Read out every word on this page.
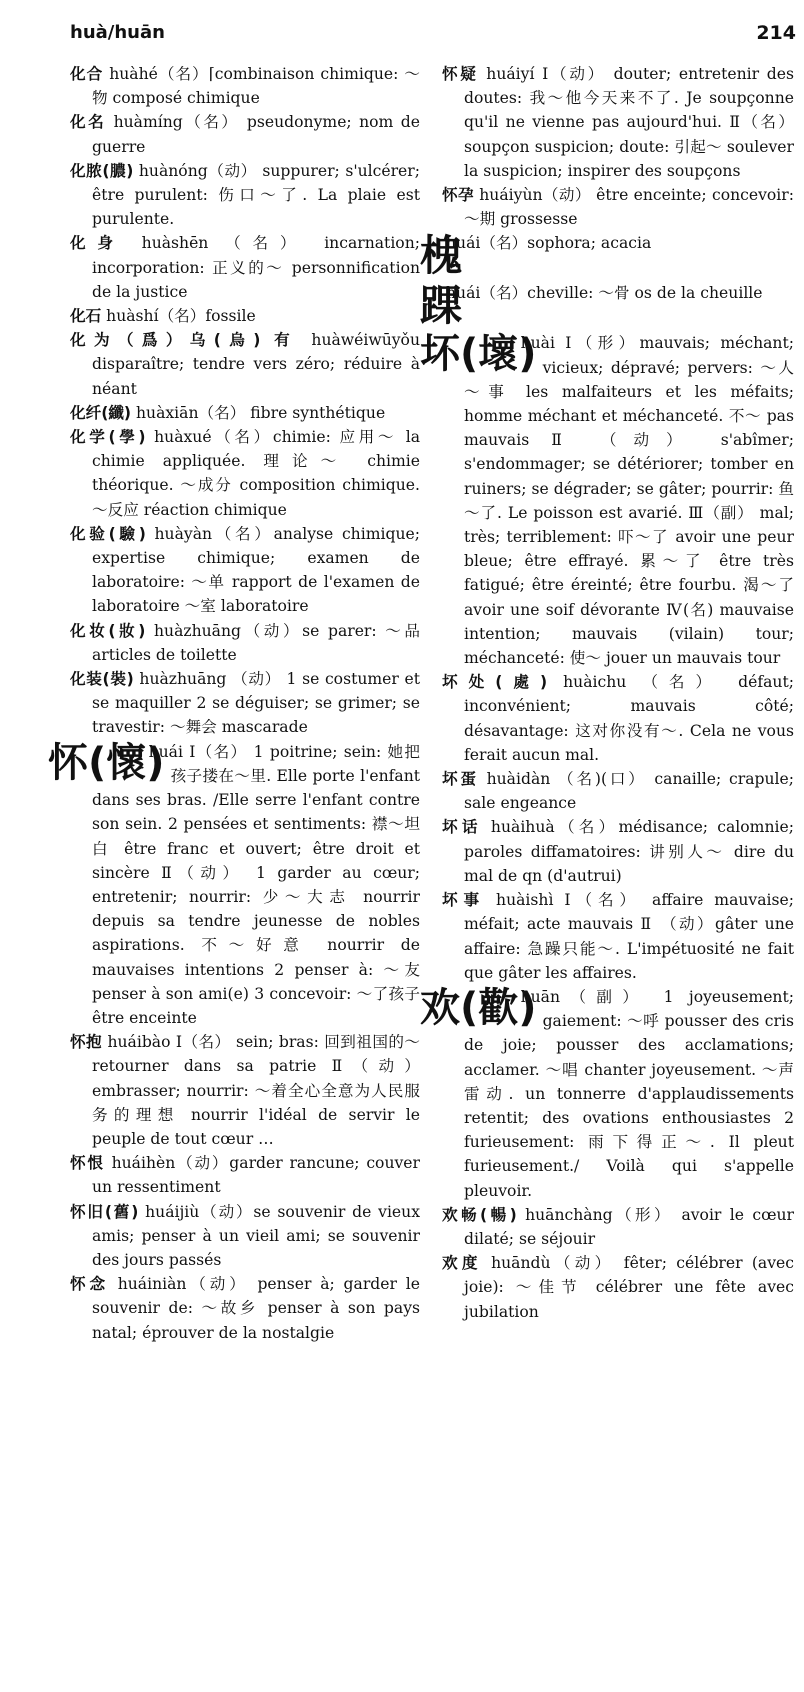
huà/huān	214
化合 huàhé（名）⌈combinaison chimique: ～物 composé chimique
化名 huàmíng（名） pseudonyme; nom de guerre
化脓(膿) huànóng（动） suppurer; s'ulcérer; être purulent: 伤口～了. La plaie est purulente.
化身 huàshēn （名） incarnation; incorporation: 正义的～ personnification de la justice
化石 huàshí（名）fossile
化为（爲）乌(烏) 有 huàwéiwūyǒu disparaître; tendre vers zéro; réduire à néant
化纤(纖) huàxiān（名） fibre synthétique
化学(學) huàxué（名）chimie: 应用～ la chimie appliquée. 理论～ chimie théorique. ～成分 composition chimique. ～反应 réaction chimique
化验(驗) huàyàn（名）analyse chimique; expertise chimique; examen de laboratoire: ～单 rapport de l'examen de laboratoire ～室 laboratoire
化妆(妝) huàzhuāng（动）se parer: ～品 articles de toilette
化装(裝) huàzhuāng （动） 1 se costumer et se maquiller 2 se déguiser; se grimer; se travestir: ～舞会 mascarade
怀(懷)
huái Ⅰ（名） 1 poitrine; sein: 她把孩子搂在～里. Elle porte l'enfant dans ses bras. /Elle serre l'enfant contre son sein. 2 pensées et sentiments: 襟～坦白 être franc et ouvert; être droit et sincère Ⅱ（动） 1 garder au cœur; entretenir; nourrir: 少～大志 nourrir depuis sa tendre jeunesse de nobles aspirations. 不～好意 nourrir de mauvaises intentions 2 penser à: ～友 penser à son ami(e) 3 concevoir: ～了孩子 être enceinte
怀抱 huáibào Ⅰ（名） sein; bras: 回到祖国的～ retourner dans sa patrie Ⅱ（动） embrasser; nourrir: ～着全心全意为人民服务的理想 nourrir l'idéal de servir le peuple de tout cœur …
怀恨 huáihèn（动）garder rancune; couver un ressentiment
怀旧(舊) huáijiù（动）se souvenir de vieux amis; penser à un vieil ami; se souvenir des jours passés
怀念 huáiniàn（动） penser à; garder le souvenir de: ～故乡 penser à son pays natal; éprouver de la nostalgie
怀疑 huáiyí Ⅰ（动） douter; entretenir des doutes: 我～他今天来不了. Je soupçonne qu'il ne vienne pas aujourd'hui. Ⅱ（名） soupçon suspicion; doute: 引起～ soulever la suspicion; inspirer des soupçons
怀孕 huáiyùn（动） être enceinte; concevoir: ～期 grossesse
槐
huái（名）sophora; acacia
踝
huái（名）cheville: ～骨 os de la cheuille
坏(壞)
huài Ⅰ（形）mauvais; méchant; vicieux; dépravé; pervers: ～人～事 les malfaiteurs et les méfaits; homme méchant et méchanceté. 不～ pas mauvais Ⅱ （动） s'abîmer; s'endommager; se détériorer; tomber en ruiners; se dégrader; se gâter; pourrir: 鱼～了. Le poisson est avarié. Ⅲ（副） mal; très; terriblement: 吓～了 avoir une peur bleue; être effrayé. 累～了 être très fatigué; être éreinté; être fourbu. 渴～了 avoir une soif dévorante Ⅳ(名) mauvaise intention; mauvais (vilain) tour; méchanceté: 使～ jouer un mauvais tour
坏处(處) huàichu （名） défaut; inconvénient; mauvais côté; désavantage: 这对你没有～. Cela ne vous ferait aucun mal.
坏蛋 huàidàn （名)(口） canaille; crapule; sale engeance
坏话 huàihuà（名）médisance; calomnie; paroles diffamatoires: 讲别人～ dire du mal de qn (d'autrui)
坏事 huàishì Ⅰ（名） affaire mauvaise; méfait; acte mauvais Ⅱ （动）gâter une affaire: 急躁只能～. L'impétuosité ne fait que gâter les affaires.
欢(歡)
huān（副） 1 joyeusement; gaiement: ～呼 pousser des cris de joie; pousser des acclamations; acclamer. ～唱 chanter joyeusement. ～声雷动. un tonnerre d'applaudissements retentit; des ovations enthousiastes 2 furieusement: 雨下得正～. Il pleut furieusement./ Voilà qui s'appelle pleuvoir.
欢畅(暢) huānchàng（形） avoir le cœur dilaté; se séjouir
欢度 huāndù（动） fêter; célébrer (avec joie): ～佳节 célébrer une fête avec jubilation
